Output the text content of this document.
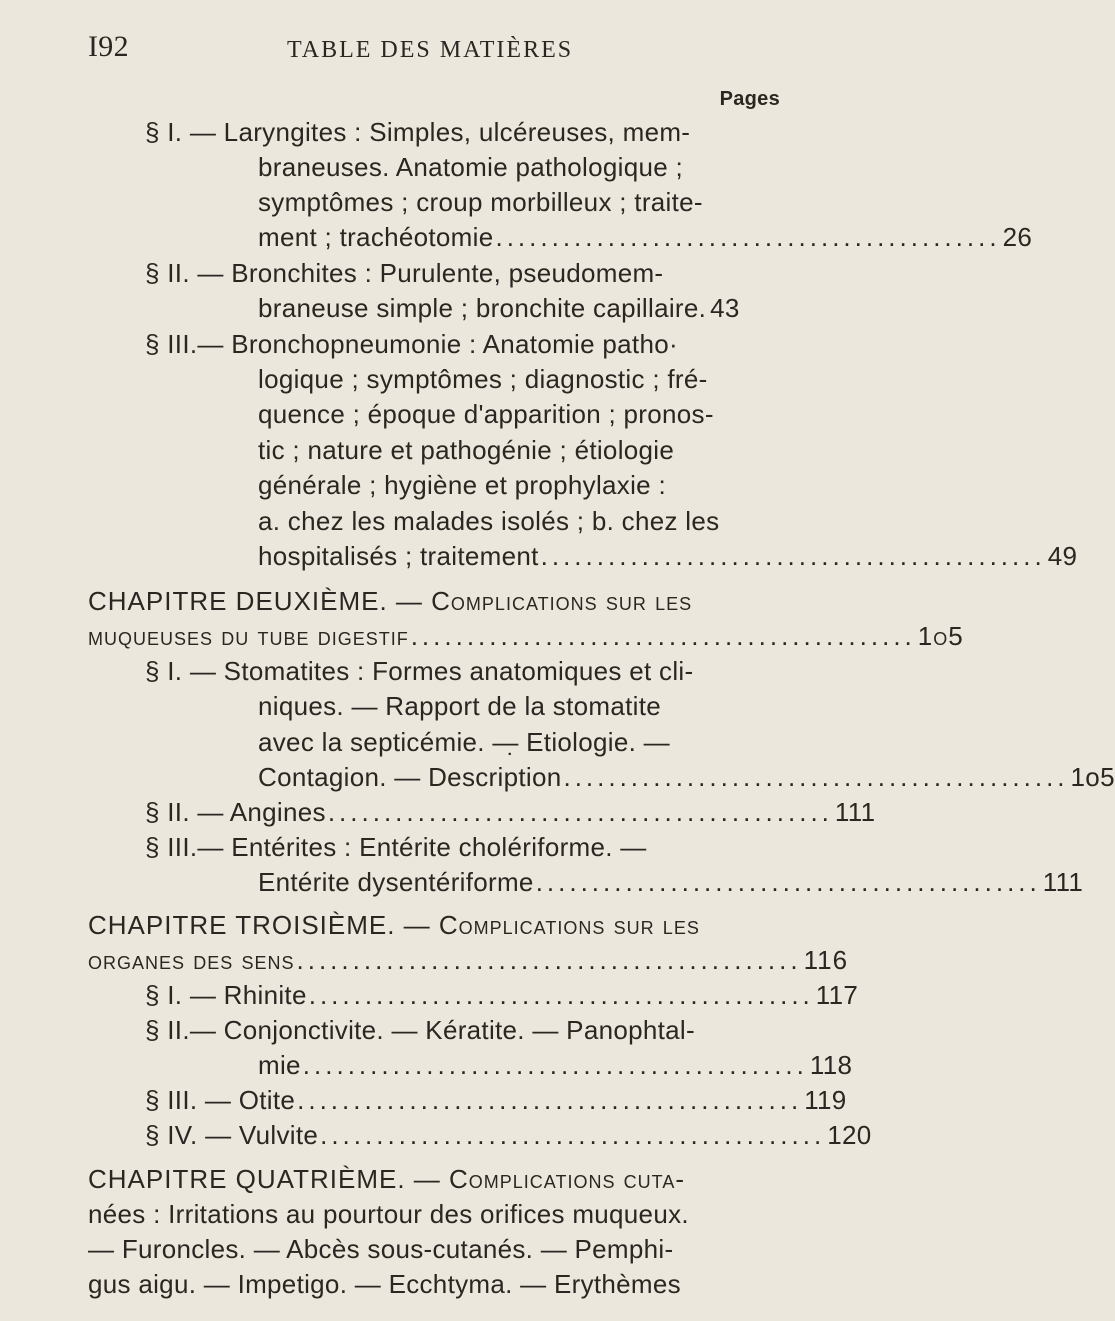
I92	TABLE DES MATIÈRES
Pages
§ I. — Laryngites : Simples, ulcéreuses, mem-
braneuses. Anatomie pathologique ;
symptômes ; croup morbilleux ; traite-
ment ; trachéotomie ............................................. 26
§ II. — Bronchites : Purulente, pseudomem-
braneuse simple ; bronchite capillaire. 43
§ III.— Bronchopneumonie : Anatomie patho·
logique ; symptômes ; diagnostic ; fré-
quence ; époque d'apparition ; pronos-
tic ; nature et pathogénie ; étiologie
générale ; hygiène et prophylaxie :
a. chez les malades isolés ; b. chez les
hospitalisés ; traitement ............................................. 49
CHAPITRE DEUXIÈME. — Complications sur les
muqueuses du tube digestif ............................................. 1o5
§ I. — Stomatites : Formes anatomiques et cli-
niques. — Rapport de la stomatite
avec la septicémie. —̣ Etiologie. —
Contagion. — Description ............................................. 1o5
§ II. — Angines ............................................. 111
§ III.— Entérites : Entérite cholériforme. —
Entérite dysentériforme ............................................. 111
CHAPITRE TROISIÈME. — Complications sur les
organes des sens ............................................. 116
§ I. — Rhinite ............................................. 117
§ II.— Conjonctivite. — Kératite. — Panophtal-
mie ............................................. 118
§ III. — Otite ............................................. 119
§ IV. — Vulvite ............................................. 120
CHAPITRE QUATRIÈME. — Complications cuta-
nées : Irritations au pourtour des orifices muqueux.
— Furoncles. — Abcès sous-cutanés. — Pemphi-
gus aigu. — Impetigo. — Ecchtyma. — Erythèmes
